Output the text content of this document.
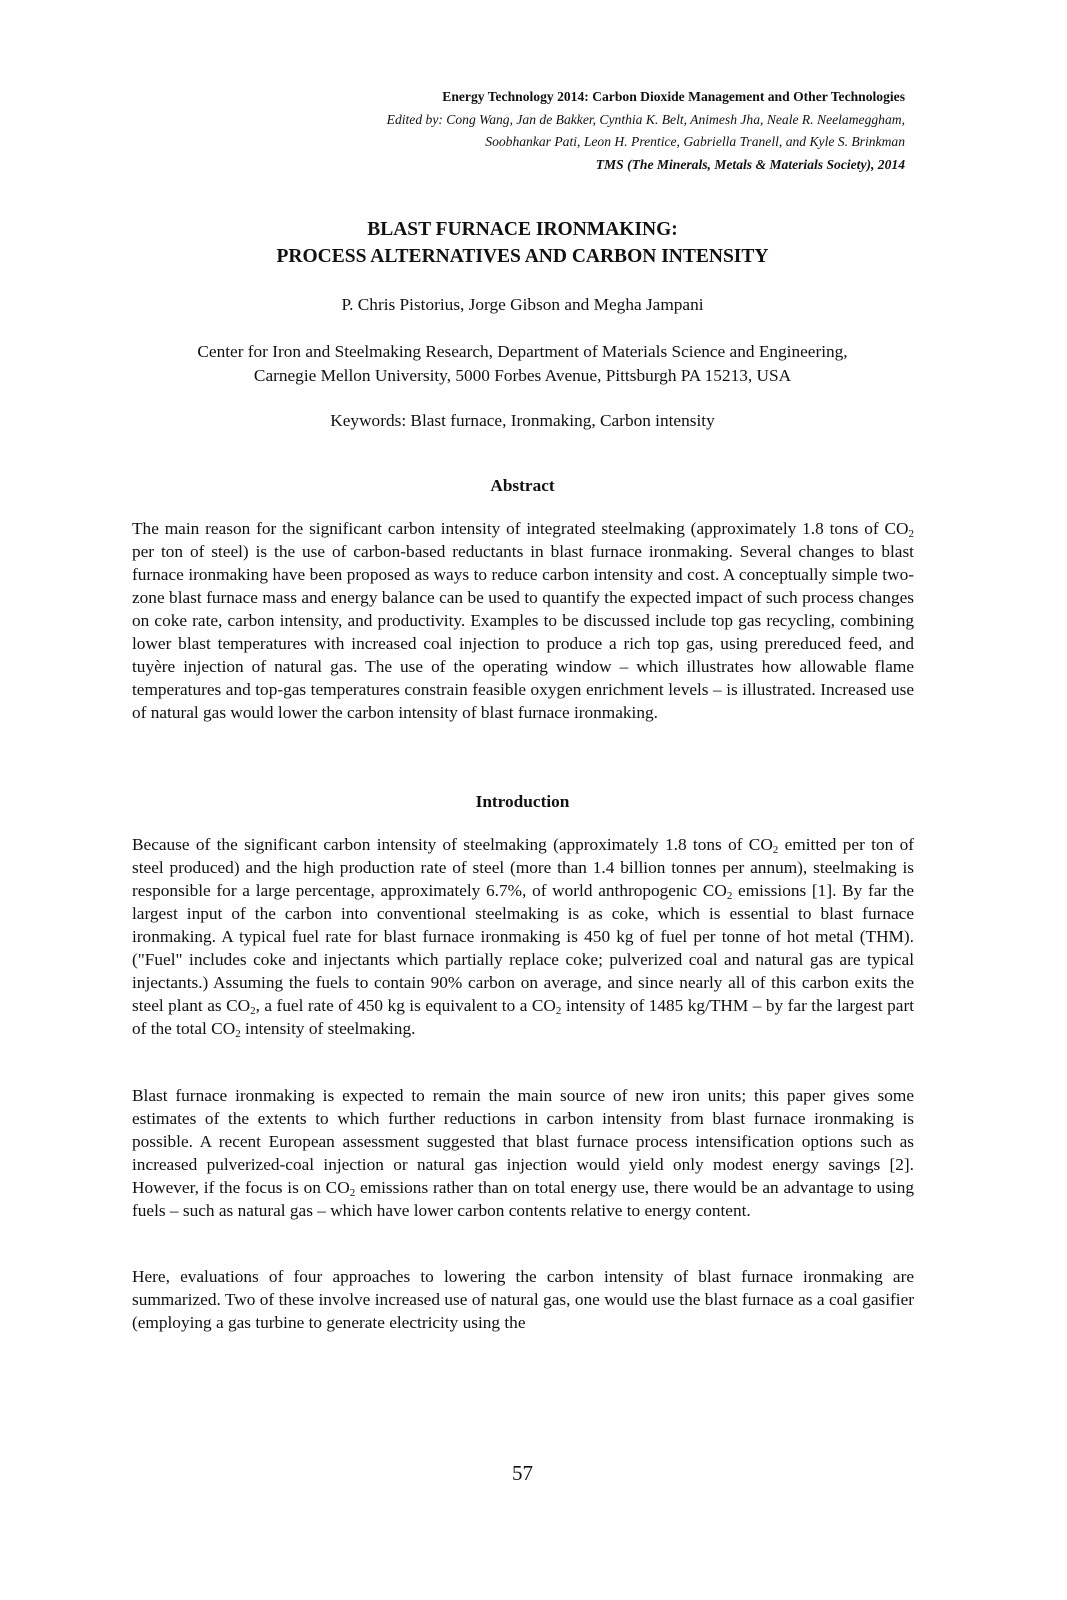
Energy Technology 2014: Carbon Dioxide Management and Other Technologies
Edited by: Cong Wang, Jan de Bakker, Cynthia K. Belt, Animesh Jha, Neale R. Neelameggham,
Soobhankar Pati, Leon H. Prentice, Gabriella Tranell, and Kyle S. Brinkman
TMS (The Minerals, Metals & Materials Society), 2014
BLAST FURNACE IRONMAKING:
PROCESS ALTERNATIVES AND CARBON INTENSITY
P. Chris Pistorius, Jorge Gibson and Megha Jampani
Center for Iron and Steelmaking Research, Department of Materials Science and Engineering,
Carnegie Mellon University, 5000 Forbes Avenue, Pittsburgh PA 15213, USA
Keywords: Blast furnace, Ironmaking, Carbon intensity
Abstract
The main reason for the significant carbon intensity of integrated steelmaking (approximately 1.8 tons of $CO_2$ per ton of steel) is the use of carbon-based reductants in blast furnace ironmaking. Several changes to blast furnace ironmaking have been proposed as ways to reduce carbon intensity and cost. A conceptually simple two-zone blast furnace mass and energy balance can be used to quantify the expected impact of such process changes on coke rate, carbon intensity, and productivity. Examples to be discussed include top gas recycling, combining lower blast temperatures with increased coal injection to produce a rich top gas, using prereduced feed, and tuyère injection of natural gas. The use of the operating window – which illustrates how allowable flame temperatures and top-gas temperatures constrain feasible oxygen enrichment levels – is illustrated. Increased use of natural gas would lower the carbon intensity of blast furnace ironmaking.
Introduction
Because of the significant carbon intensity of steelmaking (approximately 1.8 tons of $CO_2$ emitted per ton of steel produced) and the high production rate of steel (more than 1.4 billion tonnes per annum), steelmaking is responsible for a large percentage, approximately 6.7%, of world anthropogenic $CO_2$ emissions [1]. By far the largest input of the carbon into conventional steelmaking is as coke, which is essential to blast furnace ironmaking. A typical fuel rate for blast furnace ironmaking is 450 kg of fuel per tonne of hot metal (THM). ("Fuel" includes coke and injectants which partially replace coke; pulverized coal and natural gas are typical injectants.) Assuming the fuels to contain 90% carbon on average, and since nearly all of this carbon exits the steel plant as $CO_2$, a fuel rate of 450 kg is equivalent to a $CO_2$ intensity of 1485 kg/THM – by far the largest part of the total $CO_2$ intensity of steelmaking.
Blast furnace ironmaking is expected to remain the main source of new iron units; this paper gives some estimates of the extents to which further reductions in carbon intensity from blast furnace ironmaking is possible. A recent European assessment suggested that blast furnace process intensification options such as increased pulverized-coal injection or natural gas injection would yield only modest energy savings [2]. However, if the focus is on $CO_2$ emissions rather than on total energy use, there would be an advantage to using fuels – such as natural gas – which have lower carbon contents relative to energy content.
Here, evaluations of four approaches to lowering the carbon intensity of blast furnace ironmaking are summarized. Two of these involve increased use of natural gas, one would use the blast furnace as a coal gasifier (employing a gas turbine to generate electricity using the
57
